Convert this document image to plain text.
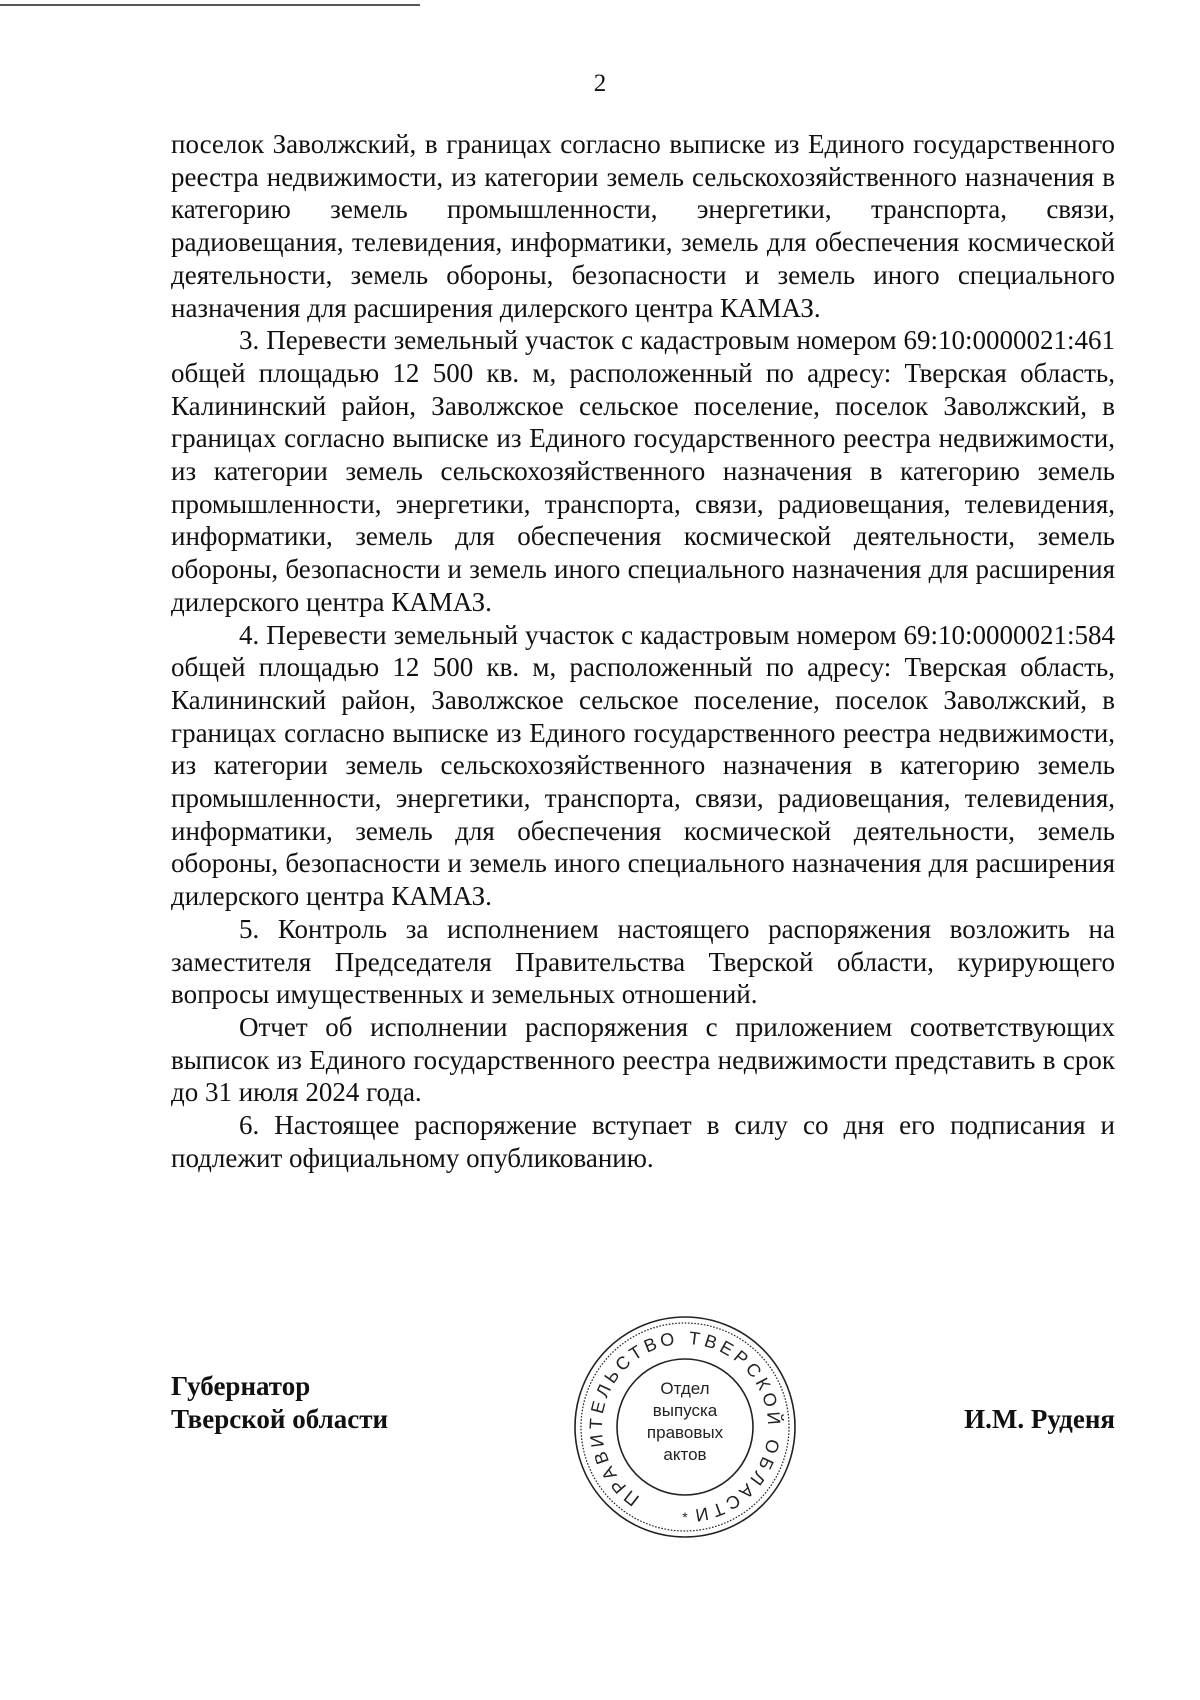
2

поселок Заволжский, в границах согласно выписке из Единого государственного реестра недвижимости, из категории земель сельскохозяйственного назначения в категорию земель промышленности, энергетики, транспорта, связи, радиовещания, телевидения, информатики, земель для обеспечения космической деятельности, земель обороны, безопасности и земель иного специального назначения для расширения дилерского центра КАМАЗ.

3. Перевести земельный участок с кадастровым номером 69:10:0000021:461 общей площадью 12 500 кв. м, расположенный по адресу: Тверская область, Калининский район, Заволжское сельское поселение, поселок Заволжский, в границах согласно выписке из Единого государственного реестра недвижимости, из категории земель сельскохозяйственного назначения в категорию земель промышленности, энергетики, транспорта, связи, радиовещания, телевидения, информатики, земель для обеспечения космической деятельности, земель обороны, безопасности и земель иного специального назначения для расширения дилерского центра КАМАЗ.

4. Перевести земельный участок с кадастровым номером 69:10:0000021:584 общей площадью 12 500 кв. м, расположенный по адресу: Тверская область, Калининский район, Заволжское сельское поселение, поселок Заволжский, в границах согласно выписке из Единого государственного реестра недвижимости, из категории земель сельскохозяйственного назначения в категорию земель промышленности, энергетики, транспорта, связи, радиовещания, телевидения, информатики, земель для обеспечения космической деятельности, земель обороны, безопасности и земель иного специального назначения для расширения дилерского центра КАМАЗ.

5. Контроль за исполнением настоящего распоряжения возложить на заместителя Председателя Правительства Тверской области, курирующего вопросы имущественных и земельных отношений.

Отчет об исполнении распоряжения с приложением соответствующих выписок из Единого государственного реестра недвижимости представить в срок до 31 июля 2024 года.

6. Настоящее распоряжение вступает в силу со дня его подписания и подлежит официальному опубликованию.

Губернатор
Тверской области	И.М. Руденя
ПРАВИТЕЛЬСТВО ТВЕРСКОЙ ОБЛАСТИ
Отдел
выпуска
правовых
актов
*
